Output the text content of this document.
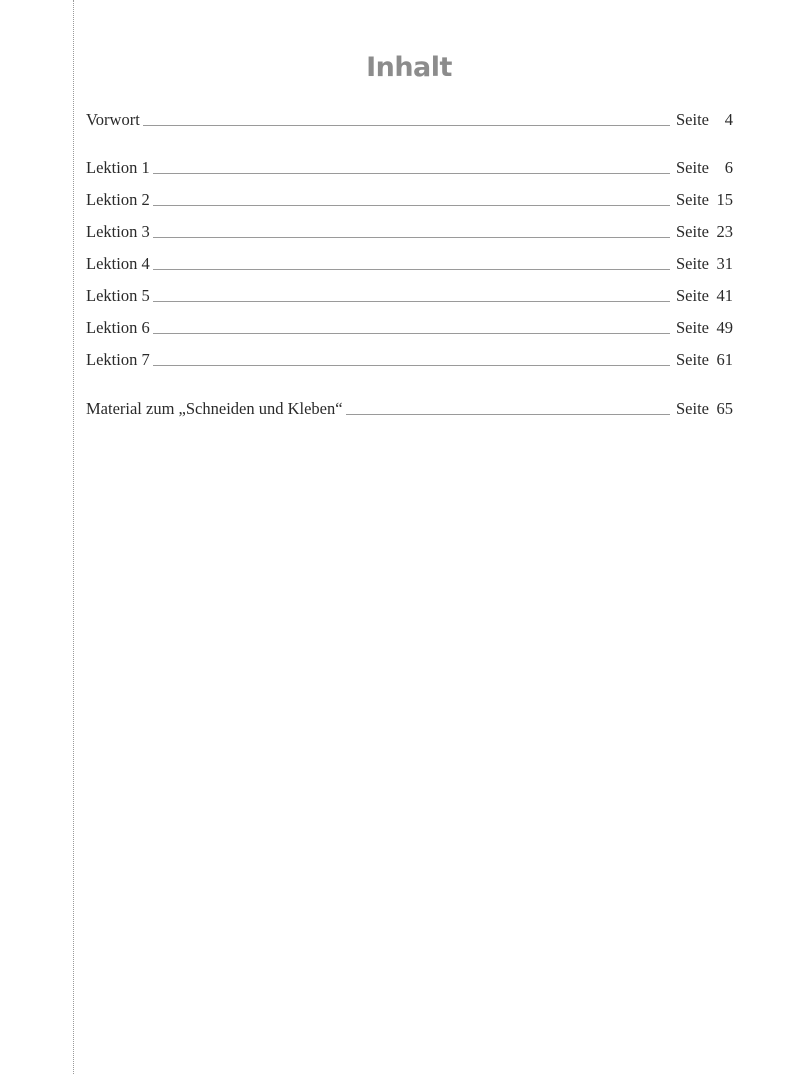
Inhalt
Vorwort	Seite 4
Lektion 1	Seite 6
Lektion 2	Seite 15
Lektion 3	Seite 23
Lektion 4	Seite 31
Lektion 5	Seite 41
Lektion 6	Seite 49
Lektion 7	Seite 61
Material zum „Schneiden und Kleben“	Seite 65
